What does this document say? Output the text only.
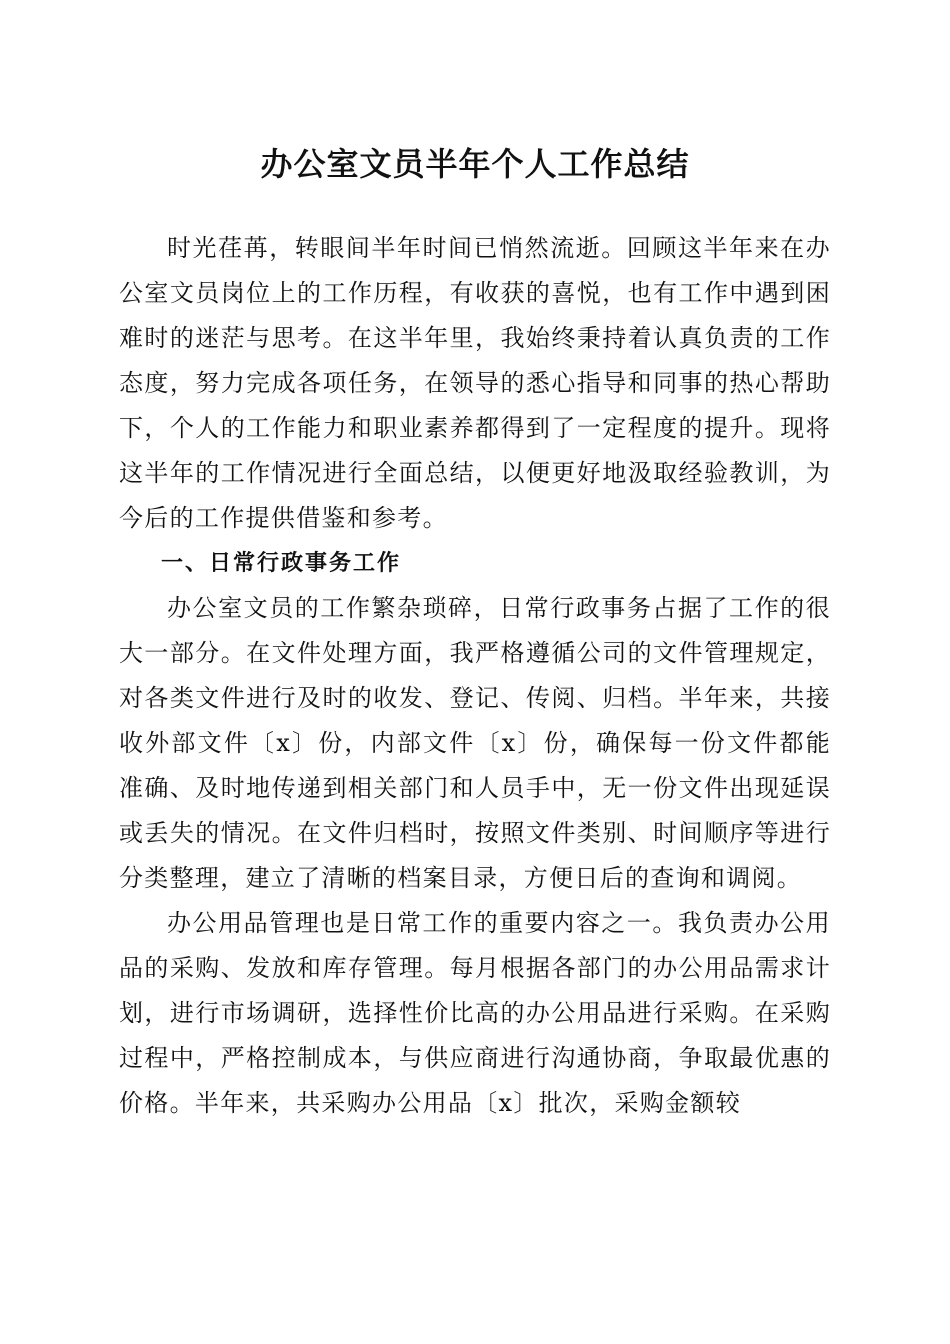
办公室文员半年个人工作总结

时光荏苒，转眼间半年时间已悄然流逝。回顾这半年来在办公室文员岗位上的工作历程，有收获的喜悦，也有工作中遇到困难时的迷茫与思考。在这半年里，我始终秉持着认真负责的工作态度，努力完成各项任务，在领导的悉心指导和同事的热心帮助下，个人的工作能力和职业素养都得到了一定程度的提升。现将这半年的工作情况进行全面总结，以便更好地汲取经验教训，为今后的工作提供借鉴和参考。

一、日常行政事务工作

办公室文员的工作繁杂琐碎，日常行政事务占据了工作的很大一部分。在文件处理方面，我严格遵循公司的文件管理规定，对各类文件进行及时的收发、登记、传阅、归档。半年来，共接收外部文件〔x〕份，内部文件〔x〕份，确保每一份文件都能准确、及时地传递到相关部门和人员手中，无一份文件出现延误或丢失的情况。在文件归档时，按照文件类别、时间顺序等进行分类整理，建立了清晰的档案目录，方便日后的查询和调阅。

办公用品管理也是日常工作的重要内容之一。我负责办公用品的采购、发放和库存管理。每月根据各部门的办公用品需求计划，进行市场调研，选择性价比高的办公用品进行采购。在采购过程中，严格控制成本，与供应商进行沟通协商，争取最优惠的价格。半年来，共采购办公用品〔x〕批次，采购金额较
